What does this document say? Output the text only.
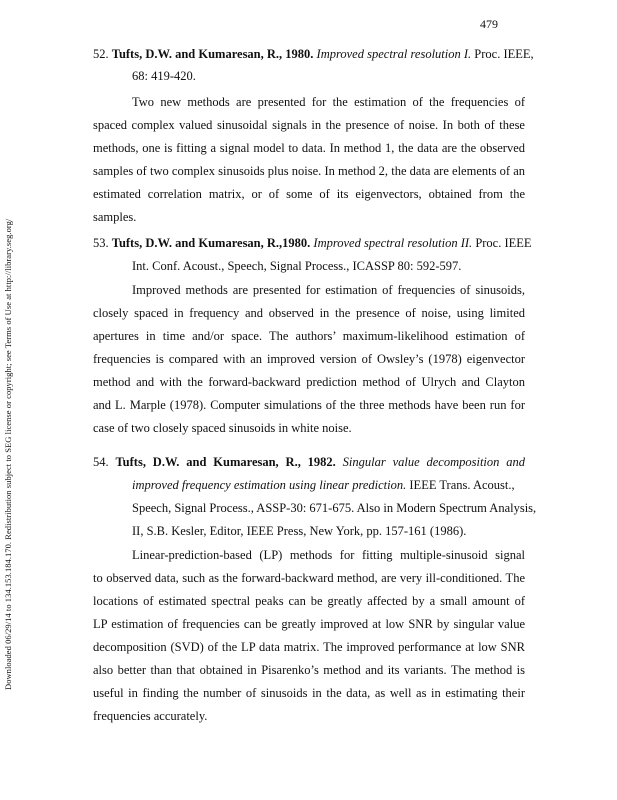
479
Downloaded 06/29/14 to 134.153.184.170. Redistribution subject to SEG license or copyright; see Terms of Use at http://library.seg.org/
52. Tufts, D.W. and Kumaresan, R., 1980. Improved spectral resolution I. Proc. IEEE,
68: 419-420.
Two new methods are presented for the estimation of the frequencies of
spaced complex valued sinusoidal signals in the presence of noise. In both of these
methods, one is fitting a signal model to data. In method 1, the data are the observed
samples of two complex sinusoids plus noise. In method 2, the data are elements of an
estimated correlation matrix, or of some of its eigenvectors, obtained from the
samples.
53. Tufts, D.W. and Kumaresan, R.,1980. Improved spectral resolution II. Proc. IEEE
Int. Conf. Acoust., Speech, Signal Process., ICASSP 80: 592-597.
Improved methods are presented for estimation of frequencies of sinusoids,
closely spaced in frequency and observed in the presence of noise, using limited
apertures in time and/or space. The authors’ maximum-likelihood estimation of
frequencies is compared with an improved version of Owsley’s (1978) eigenvector
method and with the forward-backward prediction method of Ulrych and Clayton
and L. Marple (1978). Computer simulations of the three methods have been run for
case of two closely spaced sinusoids in white noise.
54. Tufts, D.W. and Kumaresan, R., 1982. Singular value decomposition and
improved frequency estimation using linear prediction. IEEE Trans. Acoust.,
Speech, Signal Process., ASSP-30: 671-675. Also in Modern Spectrum Analysis,
II, S.B. Kesler, Editor, IEEE Press, New York, pp. 157-161 (1986).
Linear-prediction-based (LP) methods for fitting multiple-sinusoid signal
to observed data, such as the forward-backward method, are very ill-conditioned. The
locations of estimated spectral peaks can be greatly affected by a small amount of
LP estimation of frequencies can be greatly improved at low SNR by singular value
decomposition (SVD) of the LP data matrix. The improved performance at low SNR
also better than that obtained in Pisarenko’s method and its variants. The method is
useful in finding the number of sinusoids in the data, as well as in estimating their
frequencies accurately.
